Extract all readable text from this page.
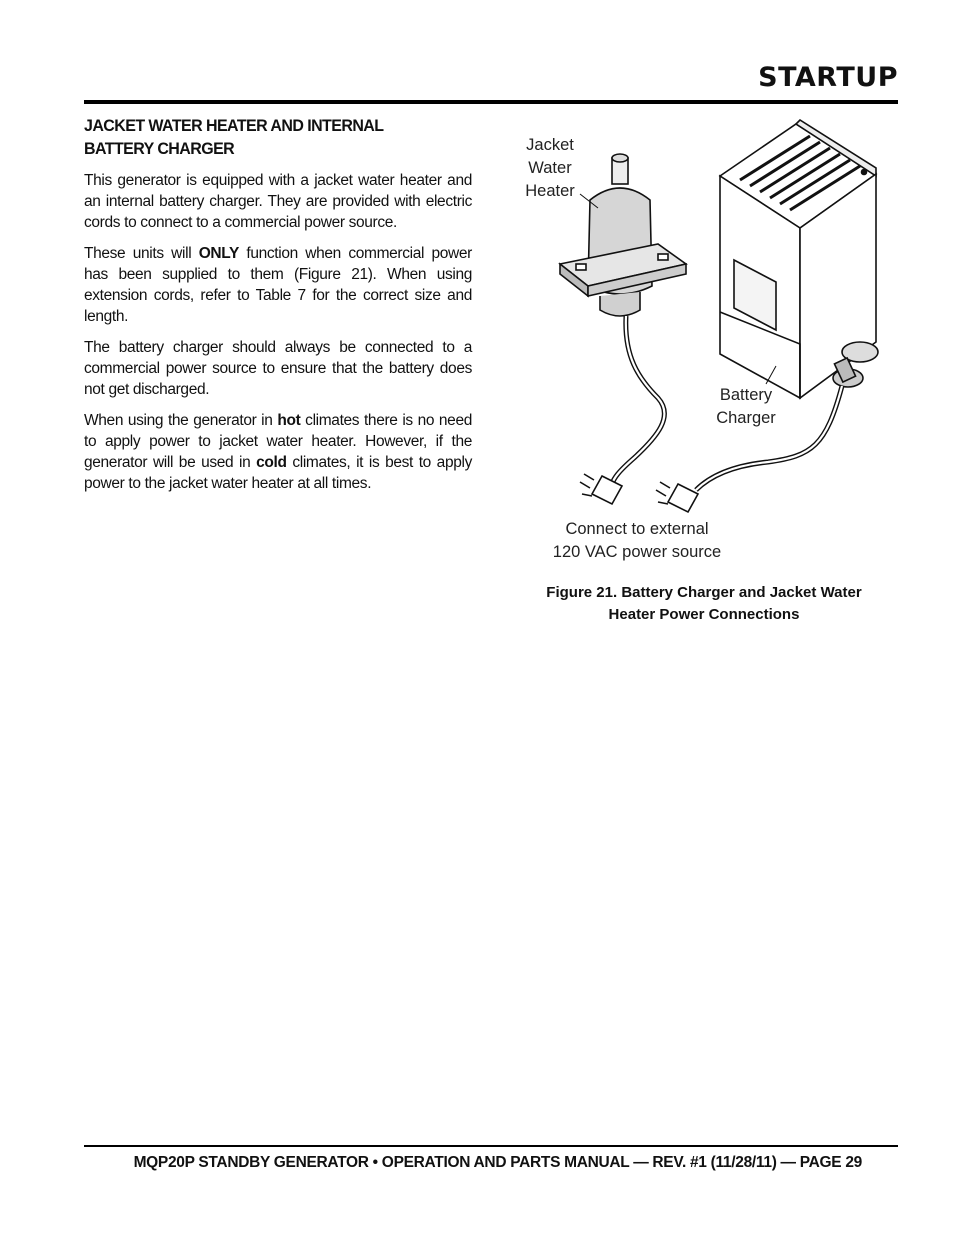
STARTUP
JACKET WATER HEATER AND INTERNAL BATTERY CHARGER

This generator is equipped with a jacket water heater and an internal battery charger. They are provided with electric cords to connect to a commercial power source.

These units will ONLY function when commercial power has been supplied to them (Figure 21). When using extension cords, refer to Table 7 for the correct size and length.

The battery charger should always be connected to a commercial power source to ensure that the battery does not get discharged.

When using the generator in hot climates there is no need to apply power to jacket water heater. However, if the generator will be used in cold climates, it is best to apply power to the jacket water heater at all times.

Jacket
Water
Heater
Battery
Charger
Connect to external
120 VAC power source
Figure 21. Battery Charger and Jacket Water
Heater Power Connections
MQP20P STANDBY GENERATOR • OPERATION AND PARTS MANUAL — REV. #1 (11/28/11) — PAGE 29
